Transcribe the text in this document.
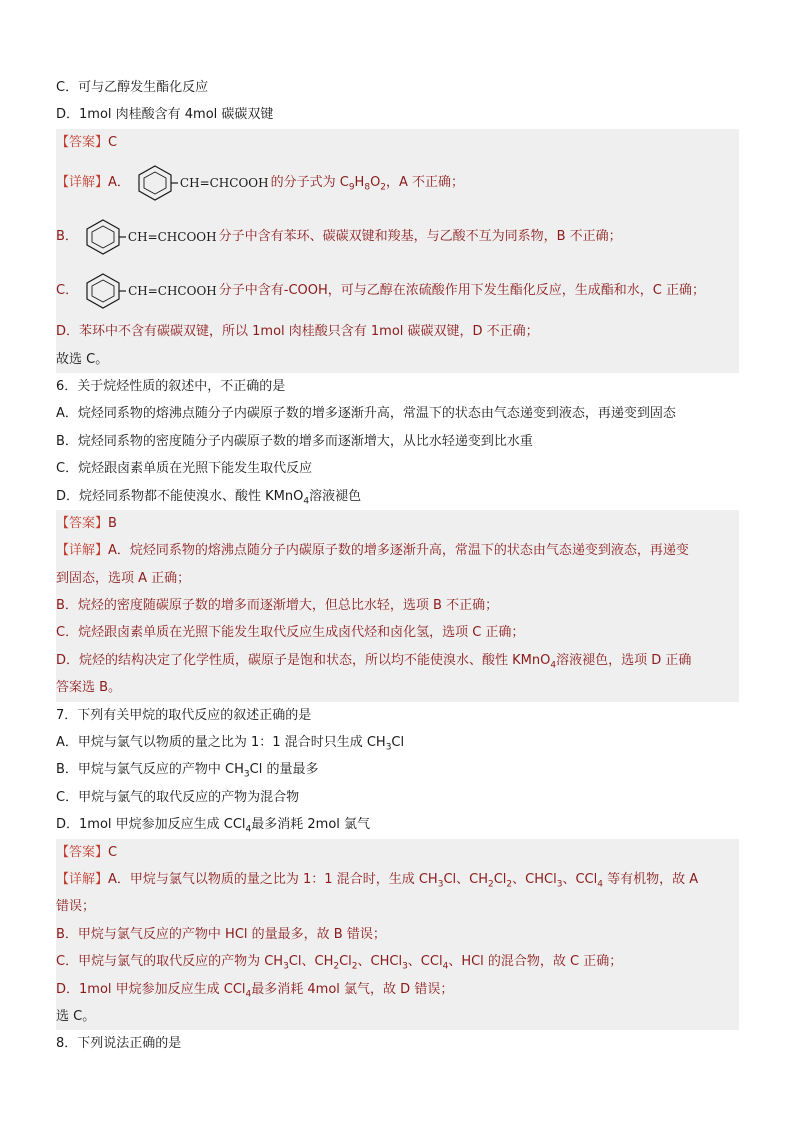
C．可与乙醇发生酯化反应
D．1mol 肉桂酸含有 4mol 碳碳双键
【答案】C
【详解】A．	CH=CHCOOH 的分子式为 $C_9H_8O_2$，A 不正确；
B．	CH=CHCOOH 分子中含有苯环、碳碳双键和羧基，与乙酸不互为同系物，B 不正确；
C．	CH=CHCOOH 分子中含有-COOH，可与乙醇在浓硫酸作用下发生酯化反应，生成酯和水，C 正确；
D．苯环中不含有碳碳双键，所以 1mol 肉桂酸只含有 1mol 碳碳双键，D 不正确；
故选 C。
6．关于烷烃性质的叙述中，不正确的是
A．烷烃同系物的熔沸点随分子内碳原子数的增多逐渐升高，常温下的状态由气态递变到液态，再递变到固态
B．烷烃同系物的密度随分子内碳原子数的增多而逐渐增大，从比水轻递变到比水重
C．烷烃跟卤素单质在光照下能发生取代反应
D．烷烃同系物都不能使溴水、酸性 KMnO$_4$溶液褪色
【答案】B
【详解】A．烷烃同系物的熔沸点随分子内碳原子数的增多逐渐升高，常温下的状态由气态递变到液态，再递变
到固态，选项 A 正确；
B．烷烃的密度随碳原子数的增多而逐渐增大，但总比水轻，选项 B 不正确；
C．烷烃跟卤素单质在光照下能发生取代反应生成卤代烃和卤化氢，选项 C 正确；
D．烷烃的结构决定了化学性质，碳原子是饱和状态，所以均不能使溴水、酸性 KMnO$_4$溶液褪色，选项 D 正确
答案选 B。
7．下列有关甲烷的取代反应的叙述正确的是
A．甲烷与氯气以物质的量之比为 1：1 混合时只生成 $CH_3Cl$
B．甲烷与氯气反应的产物中 $CH_3Cl$ 的量最多
C．甲烷与氯气的取代反应的产物为混合物
D．1mol 甲烷参加反应生成 CCl$_4$最多消耗 2mol 氯气
【答案】C
【详解】A．甲烷与氯气以物质的量之比为 1：1 混合时，生成 $CH_3Cl$、$CH_2Cl_2$、CHCl$_3$、CCl$_4$ 等有机物，故 A
错误；
B．甲烷与氯气反应的产物中 HCl 的量最多，故 B 错误；
C．甲烷与氯气的取代反应的产物为 $CH_3Cl$、$CH_2Cl_2$、CHCl$_3$、CCl$_4$、HCl 的混合物，故 C 正确；
D．1mol 甲烷参加反应生成 CCl$_4$最多消耗 4mol 氯气，故 D 错误；
选 C。
8．下列说法正确的是
